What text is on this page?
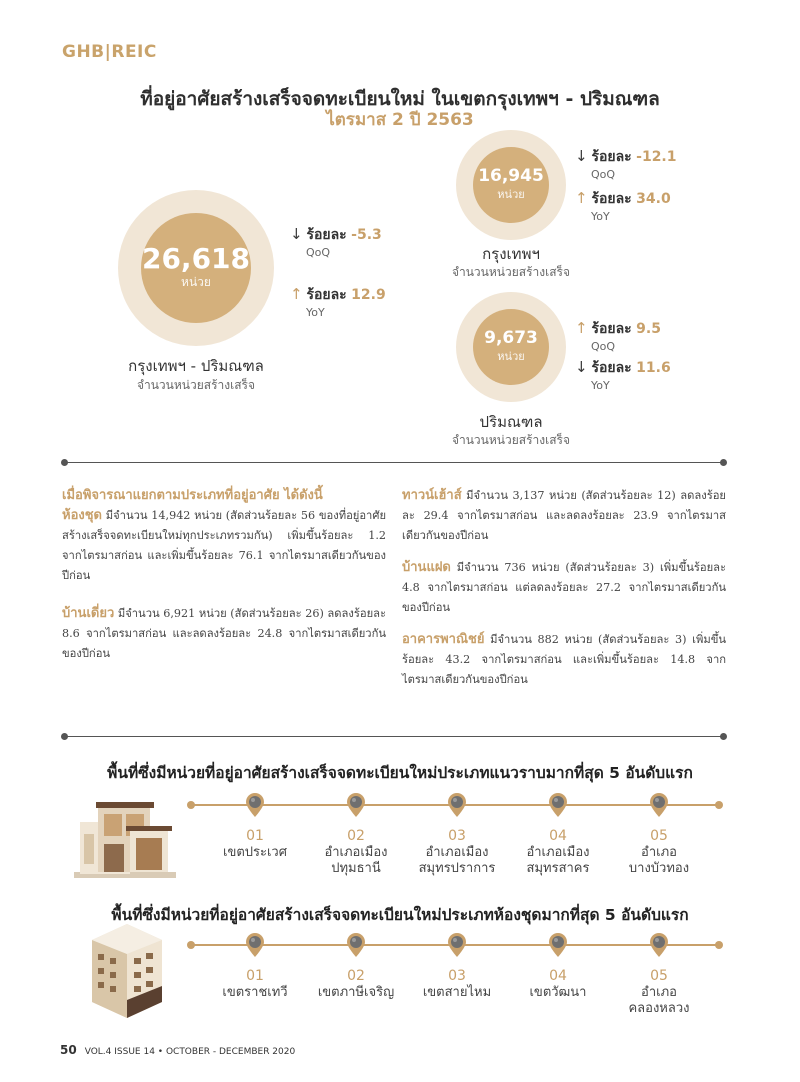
GHB|REIC
ที่อยู่อาศัยสร้างเสร็จจดทะเบียนใหม่ ในเขตกรุงเทพฯ - ปริมณฑล
ไตรมาส 2 ปี 2563
26,618
หน่วย
กรุงเทพฯ - ปริมณฑล
จำนวนหน่วยสร้างเสร็จ
↓ ร้อยละ -5.3
QoQ
↑ ร้อยละ 12.9
YoY
16,945
หน่วย
กรุงเทพฯ
จำนวนหน่วยสร้างเสร็จ
↓ ร้อยละ -12.1
QoQ
↑ ร้อยละ 34.0
YoY
9,673
หน่วย
ปริมณฑล
จำนวนหน่วยสร้างเสร็จ
↑ ร้อยละ 9.5
QoQ
↓ ร้อยละ 11.6
YoY
เมื่อพิจารณาแยกตามประเภทที่อยู่อาศัย ได้ดังนี้
ห้องชุด มีจำนวน 14,942 หน่วย (สัดส่วนร้อยละ 56 ของที่อยู่อาศัยสร้างเสร็จจดทะเบียนใหม่ทุกประเภทรวมกัน) เพิ่มขึ้นร้อยละ 1.2 จากไตรมาสก่อน และเพิ่มขึ้นร้อยละ 76.1 จากไตรมาสเดียวกันของปีก่อน
บ้านเดี่ยว มีจำนวน 6,921 หน่วย (สัดส่วนร้อยละ 26) ลดลงร้อยละ 8.6 จากไตรมาสก่อน และลดลงร้อยละ 24.8 จากไตรมาสเดียวกันของปีก่อน
ทาวน์เฮ้าส์ มีจำนวน 3,137 หน่วย (สัดส่วนร้อยละ 12) ลดลงร้อยละ 29.4 จากไตรมาสก่อน และลดลงร้อยละ 23.9 จากไตรมาสเดียวกันของปีก่อน
บ้านแฝด มีจำนวน 736 หน่วย (สัดส่วนร้อยละ 3) เพิ่มขึ้นร้อยละ 4.8 จากไตรมาสก่อน แต่ลดลงร้อยละ 27.2 จากไตรมาสเดียวกันของปีก่อน
อาคารพาณิชย์ มีจำนวน 882 หน่วย (สัดส่วนร้อยละ 3) เพิ่มขึ้นร้อยละ 43.2 จากไตรมาสก่อน และเพิ่มขึ้นร้อยละ 14.8 จากไตรมาสเดียวกันของปีก่อน
พื้นที่ซึ่งมีหน่วยที่อยู่อาศัยสร้างเสร็จจดทะเบียนใหม่ประเภทแนวราบมากที่สุด 5 อันดับแรก
01
เขตประเวศ
02
อำเภอเมือง
ปทุมธานี
03
อำเภอเมือง
สมุทรปราการ
04
อำเภอเมือง
สมุทรสาคร
05
อำเภอ
บางบัวทอง
พื้นที่ซึ่งมีหน่วยที่อยู่อาศัยสร้างเสร็จจดทะเบียนใหม่ประเภทห้องชุดมากที่สุด 5 อันดับแรก
01
เขตราชเทวี
02
เขตภาษีเจริญ
03
เขตสายไหม
04
เขตวัฒนา
05
อำเภอ
คลองหลวง
50 VOL.4 ISSUE 14 • OCTOBER - DECEMBER 2020
